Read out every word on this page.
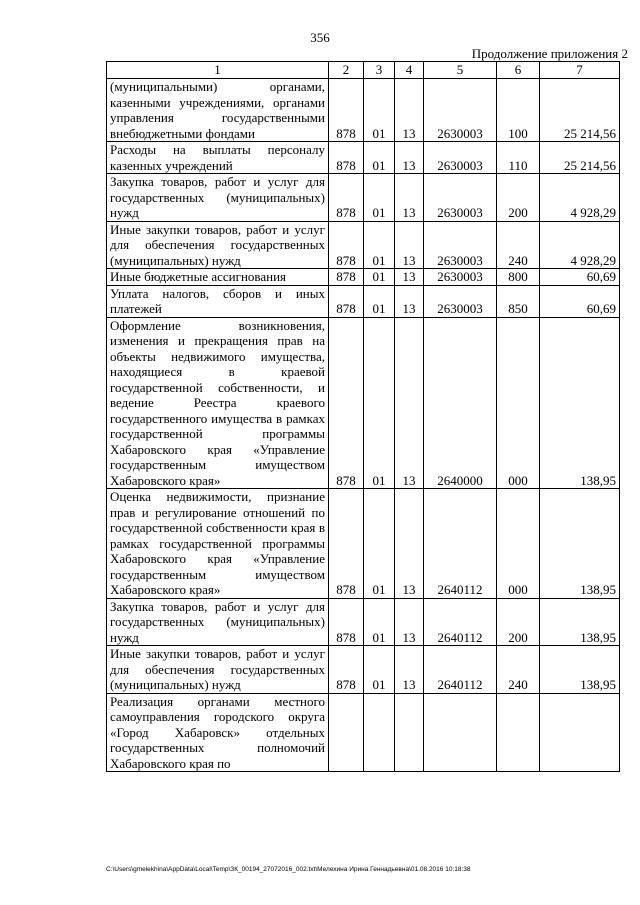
356
Продолжение приложения 2
1	2	3	4	5	6	7
(муниципальными) органами, казенными учреждениями, органами управления государственными внебюджетными фондами	878	01	13	2630003	100	25 214,56
Расходы на выплаты персоналу казенных учреждений	878	01	13	2630003	110	25 214,56
Закупка товаров, работ и услуг для государственных (муниципальных) нужд	878	01	13	2630003	200	4 928,29
Иные закупки товаров, работ и услуг для обеспечения государственных (муниципальных) нужд	878	01	13	2630003	240	4 928,29
Иные бюджетные ассигнования	878	01	13	2630003	800	60,69
Уплата налогов, сборов и иных платежей	878	01	13	2630003	850	60,69
Оформление возникновения, изменения и прекращения прав на объекты недвижимого имущества, находящиеся в краевой государственной собственности, и ведение Реестра краевого государственного имущества в рамках государственной программы Хабаровского края «Управление государственным имуществом Хабаровского края»	878	01	13	2640000	000	138,95
Оценка недвижимости, признание прав и регулирование отношений по государственной собственности края в рамках государственной программы Хабаровского края «Управление государственным имуществом Хабаровского края»	878	01	13	2640112	000	138,95
Закупка товаров, работ и услуг для государственных (муниципальных) нужд	878	01	13	2640112	200	138,95
Иные закупки товаров, работ и услуг для обеспечения государственных (муниципальных) нужд	878	01	13	2640112	240	138,95
Реализация органами местного самоуправления городского округа «Город Хабаровск» отдельных государственных полномочий Хабаровского края по						
C:\Users\gmelekhina\AppData\Local\Temp\ЗК_00194_27072016_002.txt\Мелехина Ирина Геннадьевна\01.08.2016 10:18:38
